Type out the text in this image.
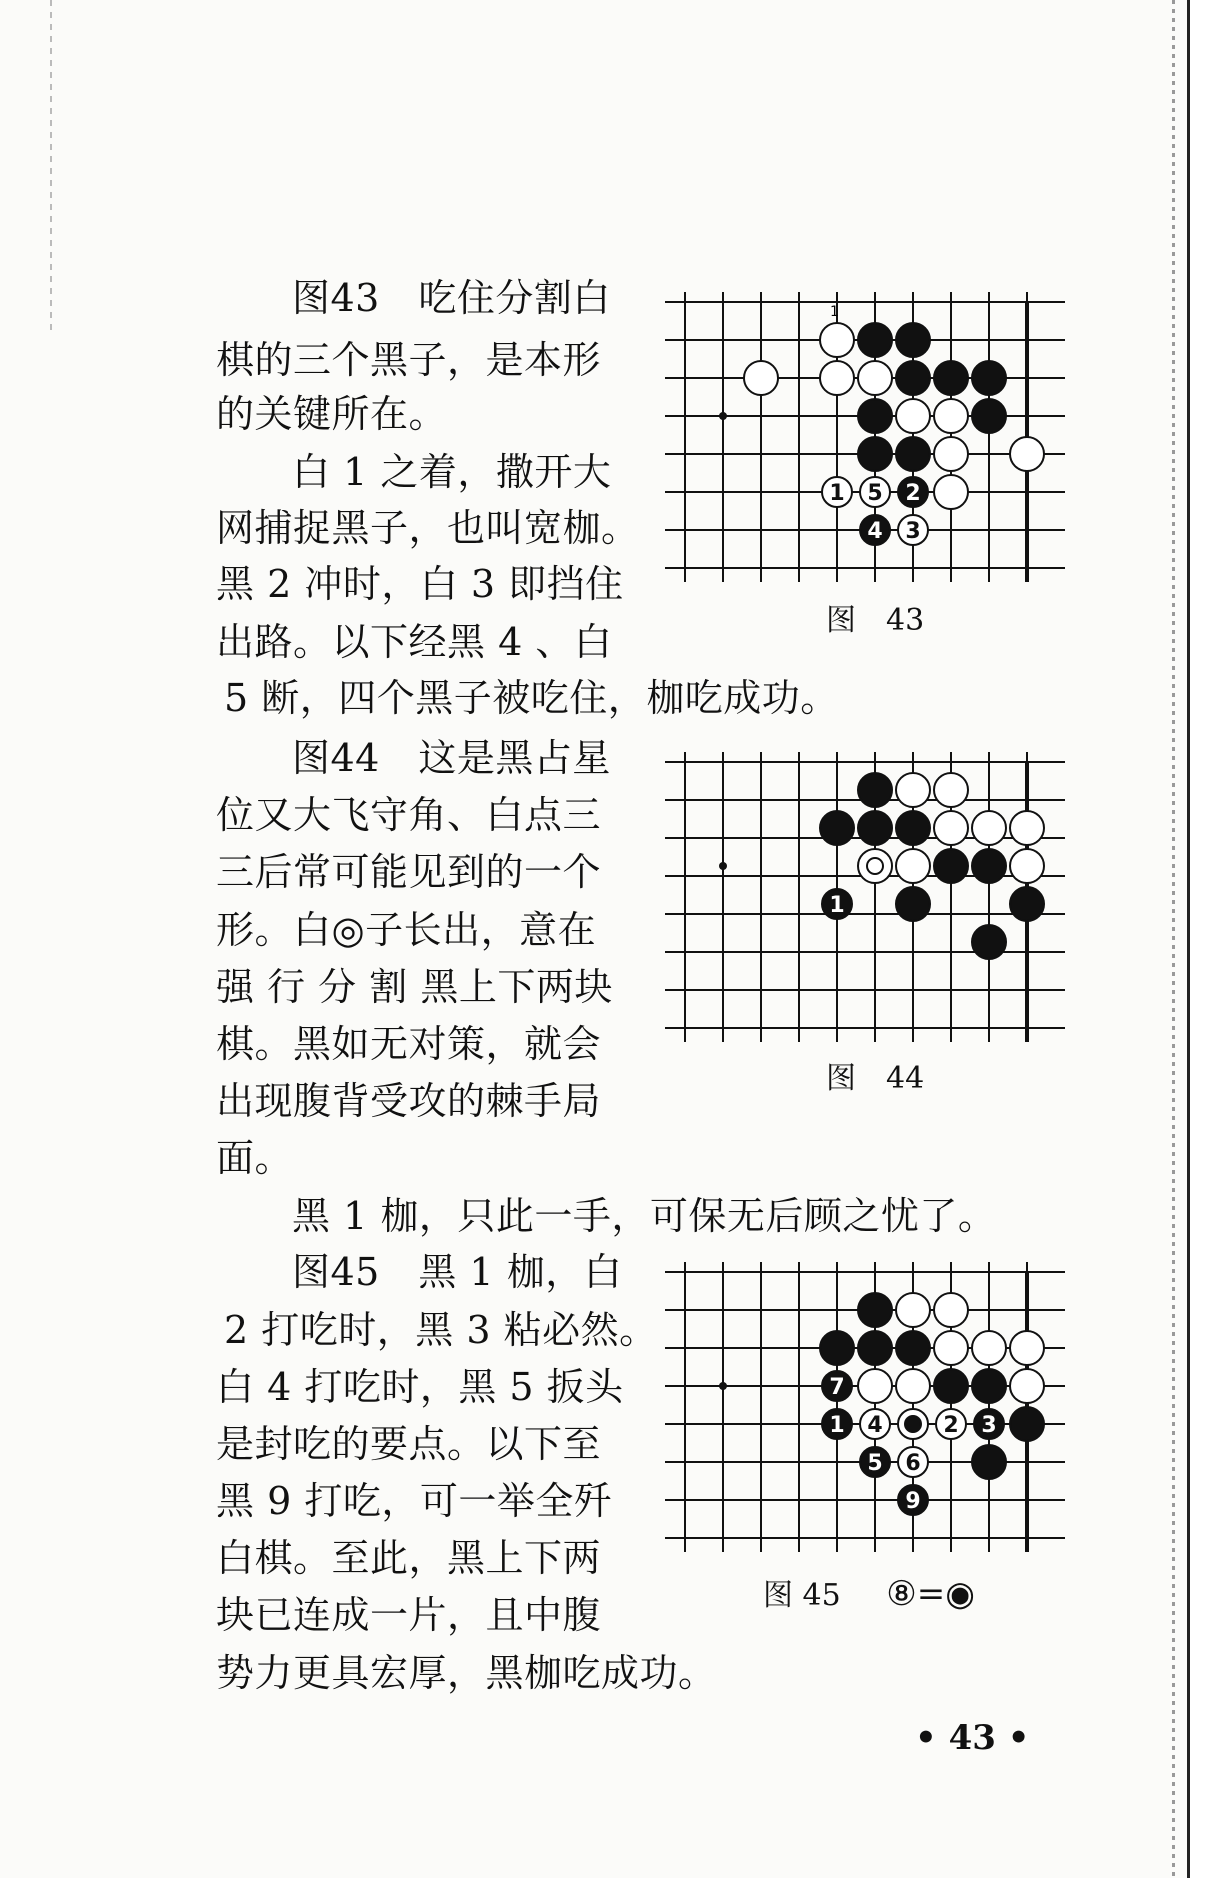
图43　吃住分割白

棋的三个黑子，是本形

的关键所在。

白 1 之着，撒开大

网捕捉黑子，也叫宽枷。

黑 2 冲时，白 3 即挡住

出路。以下经黑 4 、白

5 断，四个黑子被吃住，枷吃成功。

1
1 5 2
4 3
图　43

图44　这是黑占星

位又大飞守角、白点三

三后常可能见到的一个

形。白◎子长出，意在

强 行 分 割 黑上下两块

棋。黑如无对策，就会

出现腹背受攻的棘手局

面。

黑 1 枷，只此一手，可保无后顾之忧了。

1
图　44

图45　黑 1 枷，白

2 打吃时，黑 3 粘必然。

白 4 打吃时，黑 5 扳头

是封吃的要点。以下至

黑 9 打吃，可一举全歼

白棋。至此，黑上下两

块已连成一片，且中腹

势力更具宏厚，黑枷吃成功。

7
1 4	2 3
5 6
9
图 45 ⑧=◉
• 43 •
